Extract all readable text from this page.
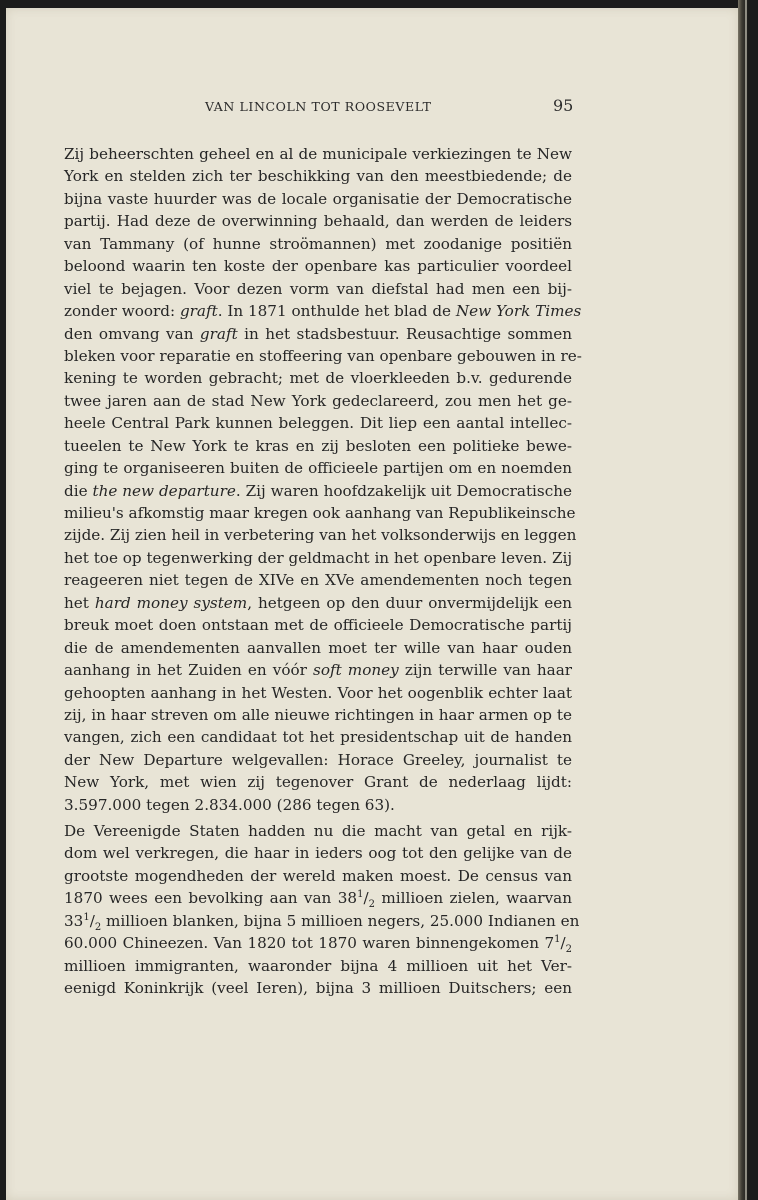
VAN LINCOLN TOT ROOSEVELT	95
Zij beheerschten geheel en al de municipale verkiezingen te New
York en stelden zich ter beschikking van den meestbiedende; de
bijna vaste huurder was de locale organisatie der Democratische
partij. Had deze de overwinning behaald, dan werden de leiders
van Tammany (of hunne stroömannen) met zoodanige positiën
beloond waarin ten koste der openbare kas particulier voordeel
viel te bejagen. Voor dezen vorm van diefstal had men een bij-
zonder woord: graft. In 1871 onthulde het blad de New York Times
den omvang van graft in het stadsbestuur. Reusachtige sommen
bleken voor reparatie en stoffeering van openbare gebouwen in re-
kening te worden gebracht; met de vloerkleeden b.v. gedurende
twee jaren aan de stad New York gedeclareerd, zou men het ge-
heele Central Park kunnen beleggen. Dit liep een aantal intellec-
tueelen te New York te kras en zij besloten een politieke bewe-
ging te organiseeren buiten de officieele partijen om en noemden
die the new departure. Zij waren hoofdzakelijk uit Democratische
milieu's afkomstig maar kregen ook aanhang van Republikeinsche
zijde. Zij zien heil in verbetering van het volksonderwijs en leggen
het toe op tegenwerking der geldmacht in het openbare leven. Zij
reageeren niet tegen de XIVe en XVe amendementen noch tegen
het hard money system, hetgeen op den duur onvermijdelijk een
breuk moet doen ontstaan met de officieele Democratische partij
die de amendementen aanvallen moet ter wille van haar ouden
aanhang in het Zuiden en vóór soft money zijn terwille van haar
gehoopten aanhang in het Westen. Voor het oogenblik echter laat
zij, in haar streven om alle nieuwe richtingen in haar armen op te
vangen, zich een candidaat tot het presidentschap uit de handen
der New Departure welgevallen: Horace Greeley, journalist te
New York, met wien zij tegenover Grant de nederlaag lijdt:
3.597.000 tegen 2.834.000 (286 tegen 63).
De Vereenigde Staten hadden nu die macht van getal en rijk-
dom wel verkregen, die haar in ieders oog tot den gelijke van de
grootste mogendheden der wereld maken moest. De census van
1870 wees een bevolking aan van $38^1/_2$ millioen zielen, waarvan
$33^1/_2$ millioen blanken, bijna 5 millioen negers, 25.000 Indianen en
60.000 Chineezen. Van 1820 tot 1870 waren binnengekomen $7^1/_2$
millioen immigranten, waaronder bijna 4 millioen uit het Ver-
eenigd Koninkrijk (veel Ieren), bijna 3 millioen Duitschers; een
